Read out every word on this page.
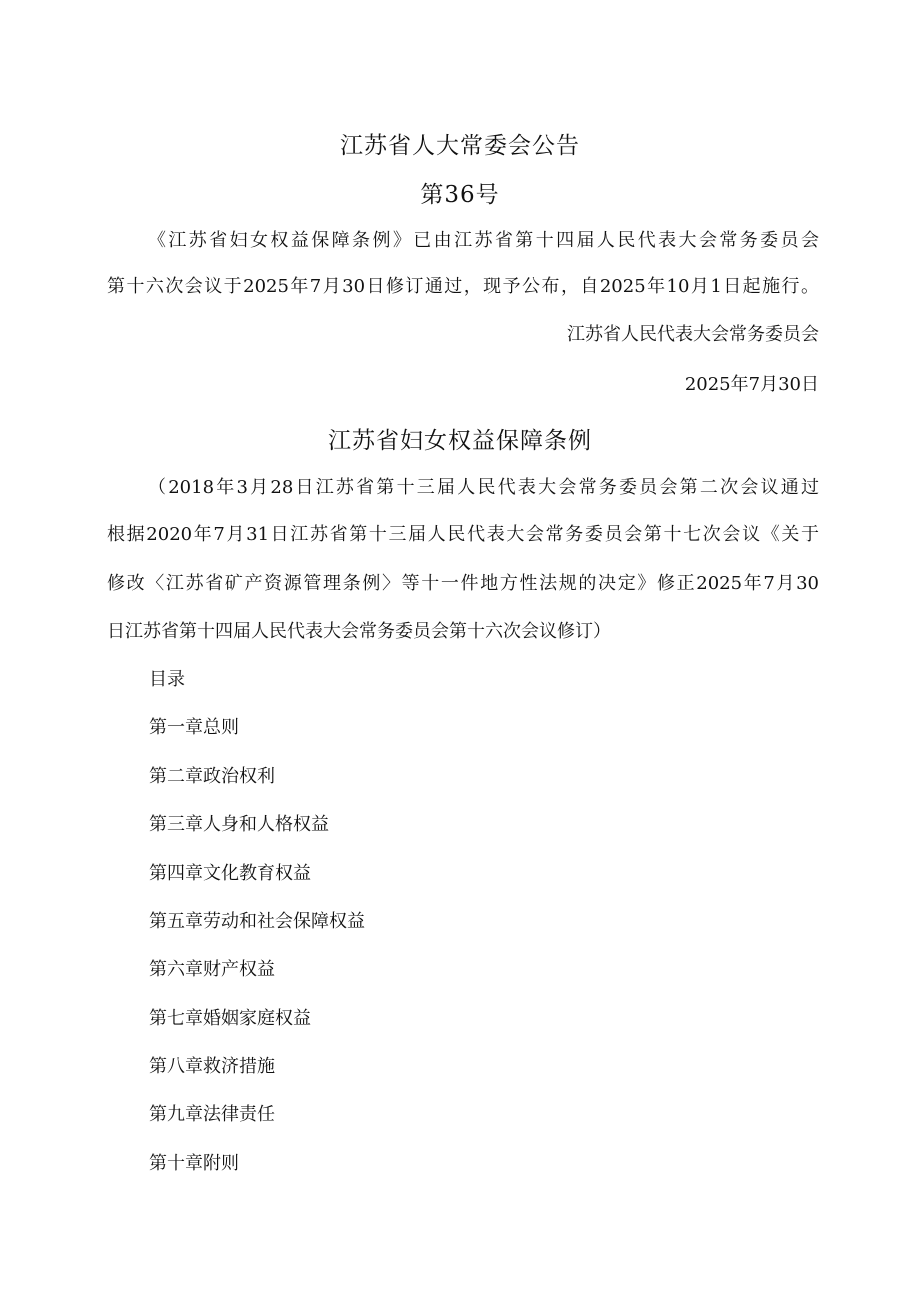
江苏省人大常委会公告
第36号
《江苏省妇女权益保障条例》已由江苏省第十四届人民代表大会常务委员会
第十六次会议于2025年7月30日修订通过，现予公布，自2025年10月1日起施行。
江苏省人民代表大会常务委员会
2025年7月30日
江苏省妇女权益保障条例
（2018年3月28日江苏省第十三届人民代表大会常务委员会第二次会议通过
根据2020年7月31日江苏省第十三届人民代表大会常务委员会第十七次会议《关于
修改〈江苏省矿产资源管理条例〉等十一件地方性法规的决定》修正2025年7月30
日江苏省第十四届人民代表大会常务委员会第十六次会议修订）
目录
第一章总则
第二章政治权利
第三章人身和人格权益
第四章文化教育权益
第五章劳动和社会保障权益
第六章财产权益
第七章婚姻家庭权益
第八章救济措施
第九章法律责任
第十章附则
